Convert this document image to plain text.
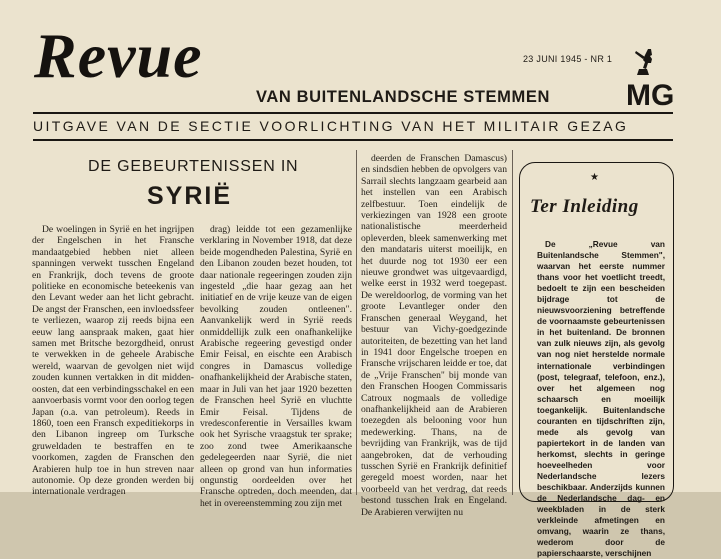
Revue	23 JUNI 1945 - NR 1
VAN BUITENLANDSCHE STEMMEN	MG
UITGAVE VAN DE SECTIE VOORLICHTING VAN HET MILITAIR GEZAG
DE GEBEURTENISSEN IN
SYRIË

De woelingen in Syrië en het ingrijpen der Engelschen in het Fransche mandaatgebied hebben niet alleen spanningen verwekt tusschen Engeland en Frankrijk, doch tevens de groote politieke en economische beteekenis van den Levant weder aan het licht gebracht. De angst der Franschen, een invloedssfeer te verliezen, waarop zij reeds bijna een eeuw lang aanspraak maken, gaat hier samen met Britsche bezorgdheid, onrust te verwekken in de geheele Arabische wereld, waarvan de gevolgen niet wijd zouden kunnen vertakken in dit midden-oosten, dat een verbindingsschakel en een aanvoerbasis vormt voor den oorlog tegen Japan (o.a. van petroleum). Reeds in 1860, toen een Fransch expeditiekorps in den Libanon ingreep om Turksche gruweldaden te bestraffen en te voorkomen, zagden de Franschen den Arabieren hulp toe in hun streven naar autonomie. Op deze gronden werden bij internationale verdragen

drag) leidde tot een gezamenlijke verklaring in November 1918, dat deze beide mogendheden Palestina, Syrië en den Libanon zouden bezet houden, tot daar nationale regeeringen zouden zijn ingesteld „die haar gezag aan het initiatief en de vrije keuze van de eigen bevolking zouden ontleenen". Aanvankelijk werd in Syrië reeds onmiddellijk zulk een onafhankelijke Arabische regeering gevestigd onder Emir Feisal, en eischte een Arabisch congres in Damascus volledige onafhankelijkheid der Arabische staten, maar in Juli van het jaar 1920 bezetten de Franschen heel Syrië en vluchtte Emir Feisal. Tijdens de vredesconferentie in Versailles kwam ook het Syrische vraagstuk ter sprake; zoo zond twee Amerikaansche gedelegeerden naar Syrië, die niet alleen op grond van hun informaties ongunstig oordeelden over het Fransche optreden, doch meenden, dat het in overeenstemming zou zijn met

deerden de Franschen Damascus) en sindsdien hebben de opvolgers van Sarrail slechts langzaam gearbeid aan het instellen van een Arabisch zelfbestuur. Toen eindelijk de verkiezingen van 1928 een groote nationalistische meerderheid opleverden, bleek samenwerking met den mandataris uiterst moeilijk, en het duurde nog tot 1930 eer een nieuwe grondwet was uitgevaardigd, welke eerst in 1932 werd toegepast. De wereldoorlog, de vorming van het groote Levantleger onder den Franschen generaal Weygand, het bestuur van Vichy-goedgezinde autoriteiten, de bezetting van het land in 1941 door Engelsche troepen en Fransche vrijscharen leidde er toe, dat de „Vrije Franschen" bij monde van den Franschen Hoogen Commissaris Catroux nogmaals de volledige onafhankelijkheid aan de Arabieren toezegden als belooning voor hun medewerking. Thans, na de bevrijding van Frankrijk, was de tijd aangebroken, dat de verhouding tusschen Syrië en Frankrijk definitief geregeld moest worden, naar het voorbeeld van het verdrag, dat reeds bestond tusschen Irak en Engeland. De Arabieren verwijten nu

★
Ter Inleiding

De „Revue van Buitenlandsche Stemmen", waarvan het eerste nummer thans voor het voetlicht treedt, bedoelt te zijn een bescheiden bijdrage tot de nieuwsvoorziening betreffende de voornaamste gebeurtenissen in het buitenland. De bronnen van zulk nieuws zijn, als gevolg van nog niet herstelde normale internationale verbindingen (post, telegraaf, telefoon, enz.), over het algemeen nog schaarsch en moeilijk toegankelijk. Buitenlandsche couranten en tijdschriften zijn, mede als gevolg van papiertekort in de landen van herkomst, slechts in geringe hoeveelheden voor Nederlandsche lezers beschikbaar. Anderzijds kunnen de Nederlandsche dag- en weekbladen in de sterk verkleinde afmetingen en omvang, waarin ze thans, wederom door de papierschaarste, verschijnen
